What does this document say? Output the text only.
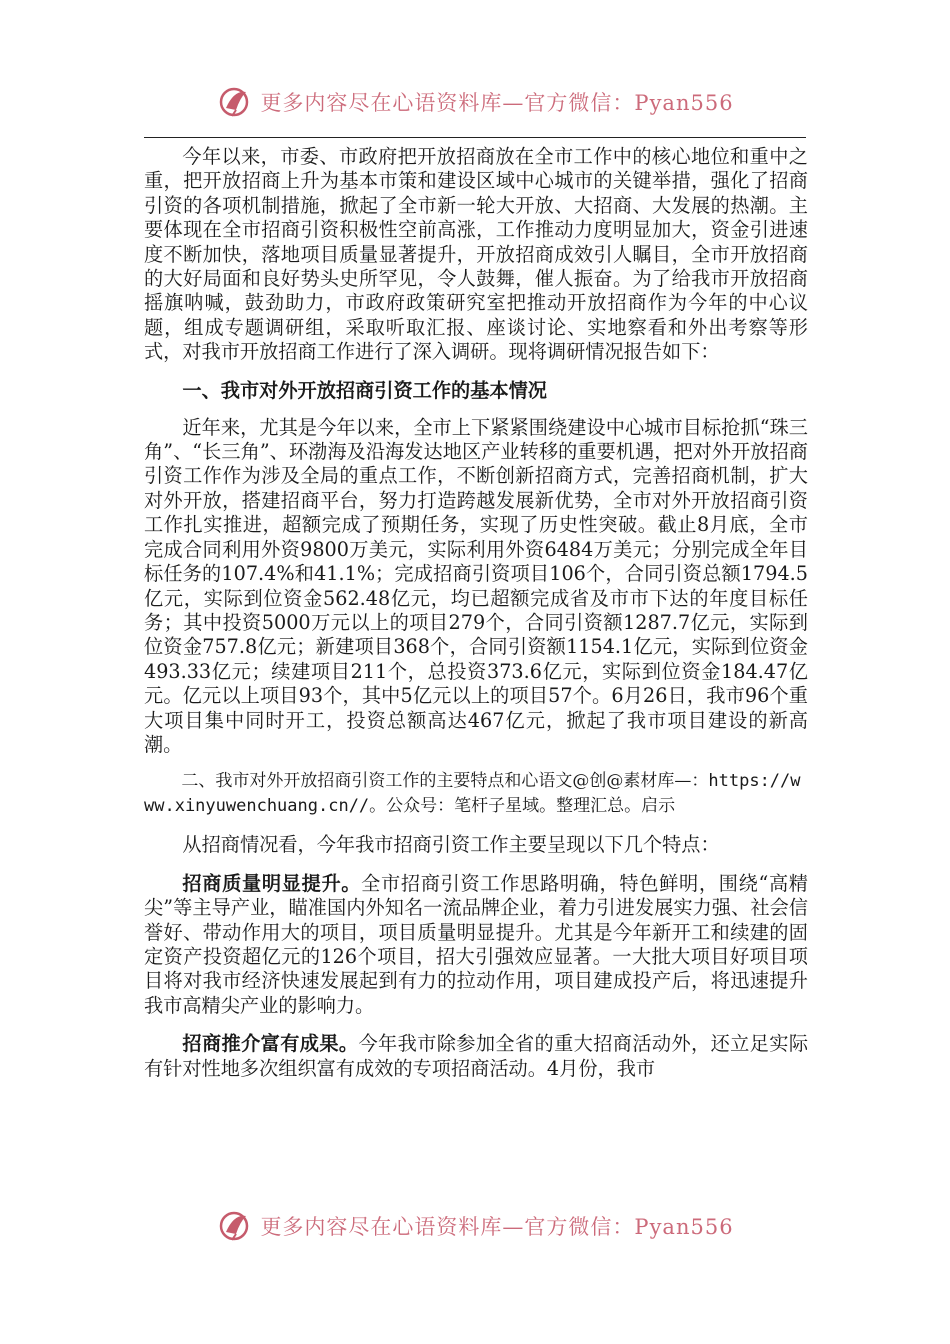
更多内容尽在心语资料库—官方微信：Pyan556

今年以来，市委、市政府把开放招商放在全市工作中的核心地位和重中之重，把开放招商上升为基本市策和建设区域中心城市的关键举措，强化了招商引资的各项机制措施，掀起了全市新一轮大开放、大招商、大发展的热潮。主要体现在全市招商引资积极性空前高涨，工作推动力度明显加大，资金引进速度不断加快，落地项目质量显著提升，开放招商成效引人瞩目，全市开放招商的大好局面和良好势头史所罕见，令人鼓舞，催人振奋。为了给我市开放招商摇旗呐喊，鼓劲助力，市政府政策研究室把推动开放招商作为今年的中心议题，组成专题调研组，采取听取汇报、座谈讨论、实地察看和外出考察等形式，对我市开放招商工作进行了深入调研。现将调研情况报告如下：

一、我市对外开放招商引资工作的基本情况

近年来，尤其是今年以来，全市上下紧紧围绕建设中心城市目标抢抓“珠三角”、“长三角”、环渤海及沿海发达地区产业转移的重要机遇，把对外开放招商引资工作作为涉及全局的重点工作，不断创新招商方式，完善招商机制，扩大对外开放，搭建招商平台，努力打造跨越发展新优势，全市对外开放招商引资工作扎实推进，超额完成了预期任务，实现了历史性突破。截止8月底，全市完成合同利用外资9800万美元，实际利用外资6484万美元；分别完成全年目标任务的107.4%和41.1%；完成招商引资项目106个，合同引资总额1794.5亿元，实际到位资金562.48亿元，均已超额完成省及市市下达的年度目标任务；其中投资5000万元以上的项目279个，合同引资额1287.7亿元，实际到位资金757.8亿元；新建项目368个，合同引资额1154.1亿元，实际到位资金493.33亿元；续建项目211个，总投资373.6亿元，实际到位资金184.47亿元。亿元以上项目93个，其中5亿元以上的项目57个。6月26日，我市96个重大项目集中同时开工，投资总额高达467亿元，掀起了我市项目建设的新高潮。

二、我市对外开放招商引资工作的主要特点和心语文@创@素材库—：https://www.xinyuwenchuang.cn//。公众号：笔杆子星域。整理汇总。启示

从招商情况看，今年我市招商引资工作主要呈现以下几个特点：

招商质量明显提升。全市招商引资工作思路明确，特色鲜明，围绕“高精尖”等主导产业，瞄准国内外知名一流品牌企业，着力引进发展实力强、社会信誉好、带动作用大的项目，项目质量明显提升。尤其是今年新开工和续建的固定资产投资超亿元的126个项目，招大引强效应显著。一大批大项目好项目项目将对我市经济快速发展起到有力的拉动作用，项目建成投产后，将迅速提升我市高精尖产业的影响力。

招商推介富有成果。今年我市除参加全省的重大招商活动外，还立足实际有针对性地多次组织富有成效的专项招商活动。4月份，我市

更多内容尽在心语资料库—官方微信：Pyan556
